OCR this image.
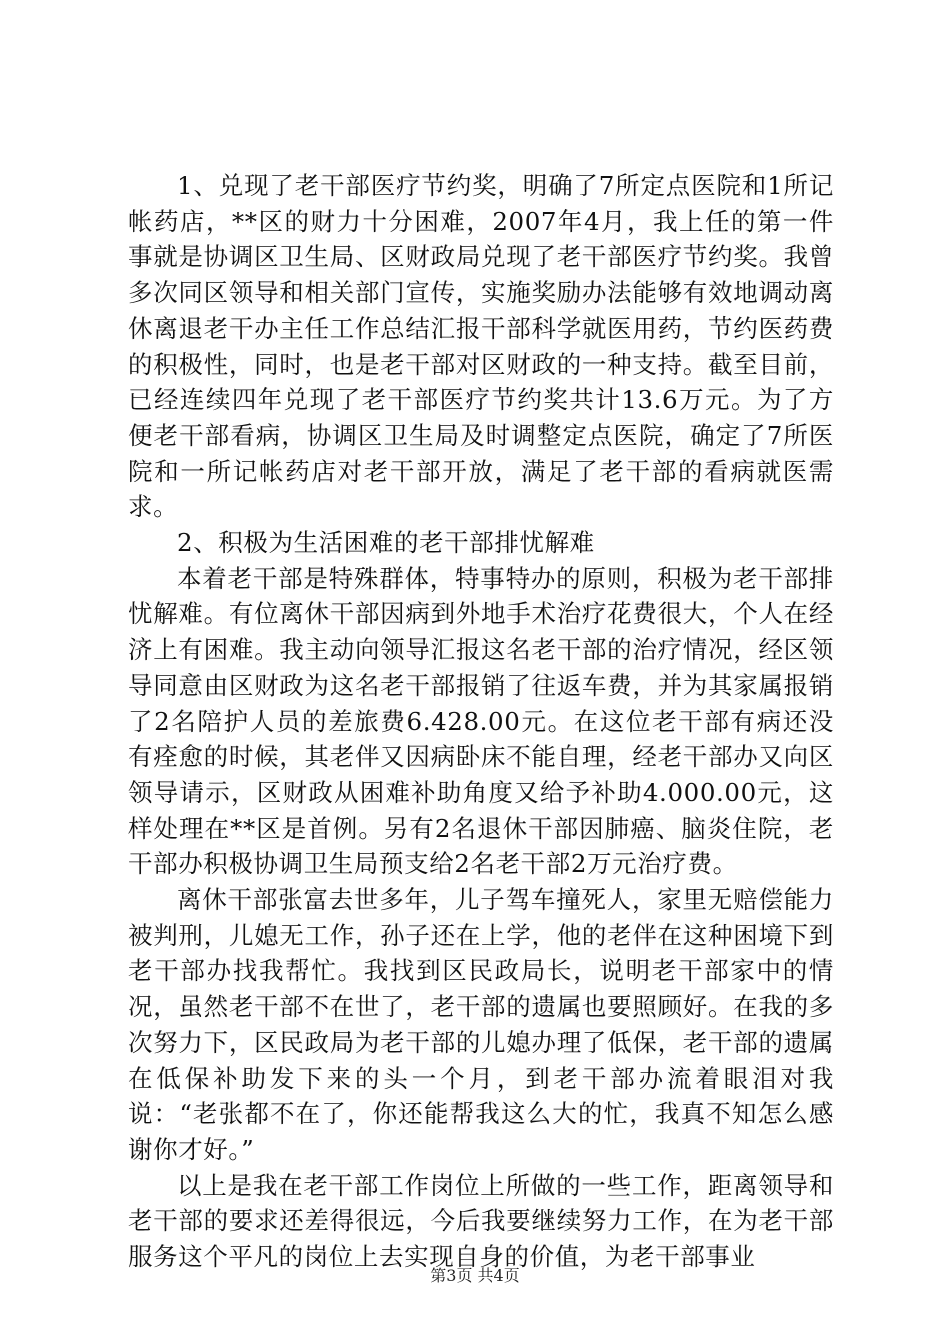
1、兑现了老干部医疗节约奖，明确了7所定点医院和1所记帐药店，**区的财力十分困难，2007年4月，我上任的第一件事就是协调区卫生局、区财政局兑现了老干部医疗节约奖。我曾多次同区领导和相关部门宣传，实施奖励办法能够有效地调动离休离退老干办主任工作总结汇报干部科学就医用药，节约医药费的积极性，同时，也是老干部对区财政的一种支持。截至目前，已经连续四年兑现了老干部医疗节约奖共计13.6万元。为了方便老干部看病，协调区卫生局及时调整定点医院，确定了7所医院和一所记帐药店对老干部开放，满足了老干部的看病就医需求。

2、积极为生活困难的老干部排忧解难

本着老干部是特殊群体，特事特办的原则，积极为老干部排忧解难。有位离休干部因病到外地手术治疗花费很大，个人在经济上有困难。我主动向领导汇报这名老干部的治疗情况，经区领导同意由区财政为这名老干部报销了往返车费，并为其家属报销了2名陪护人员的差旅费6.428.00元。在这位老干部有病还没有痊愈的时候，其老伴又因病卧床不能自理，经老干部办又向区领导请示，区财政从困难补助角度又给予补助4.000.00元，这样处理在**区是首例。另有2名退休干部因肺癌、脑炎住院，老干部办积极协调卫生局预支给2名老干部2万元治疗费。

离休干部张富去世多年，儿子驾车撞死人，家里无赔偿能力被判刑，儿媳无工作，孙子还在上学，他的老伴在这种困境下到老干部办找我帮忙。我找到区民政局长，说明老干部家中的情况，虽然老干部不在世了，老干部的遗属也要照顾好。在我的多次努力下，区民政局为老干部的儿媳办理了低保，老干部的遗属在低保补助发下来的头一个月，到老干部办流着眼泪对我说：“老张都不在了，你还能帮我这么大的忙，我真不知怎么感谢你才好。”

以上是我在老干部工作岗位上所做的一些工作，距离领导和老干部的要求还差得很远，今后我要继续努力工作，在为老干部服务这个平凡的岗位上去实现自身的价值，为老干部事业

第3页 共4页
